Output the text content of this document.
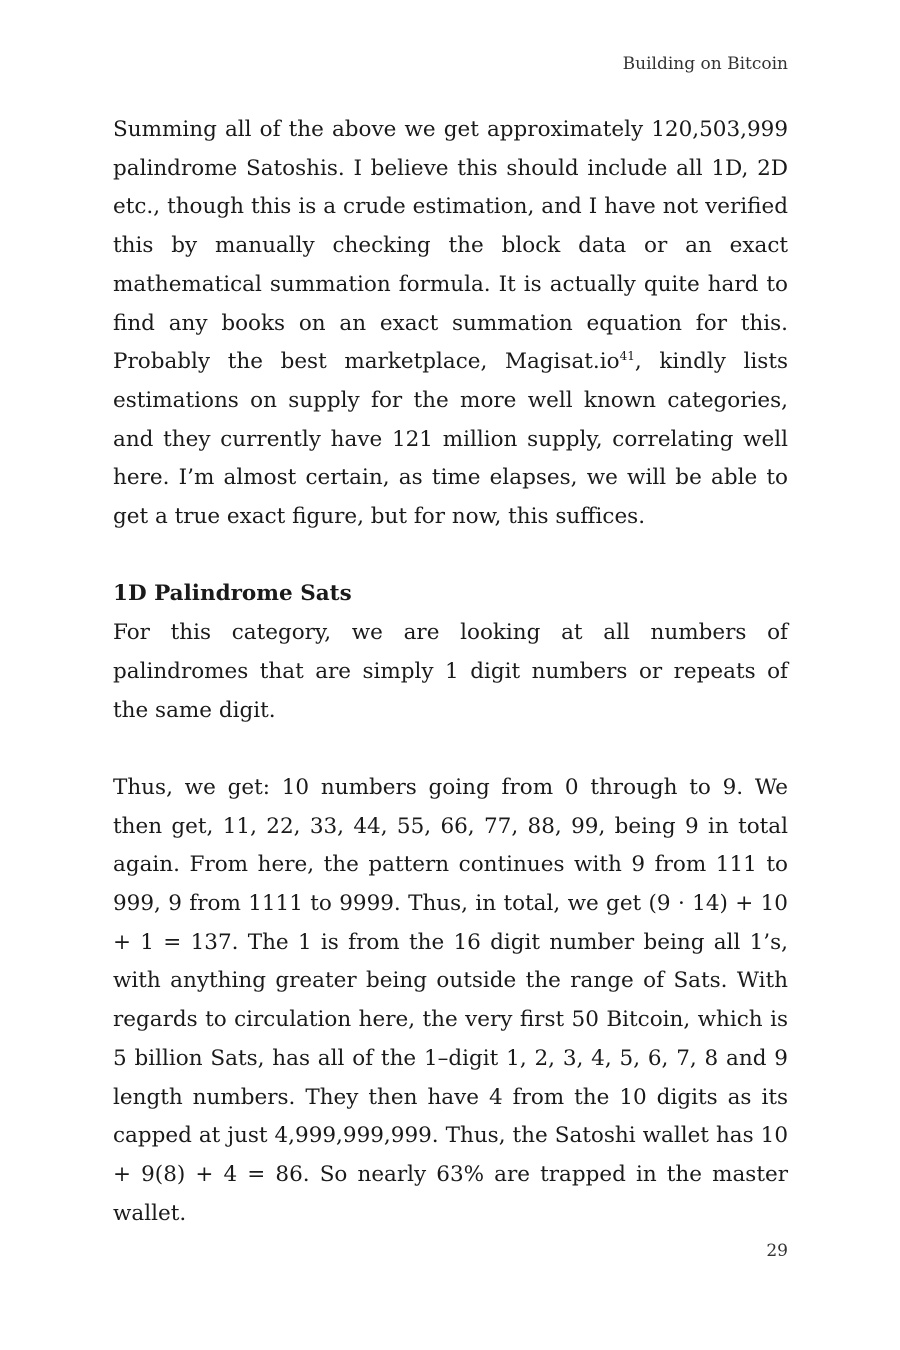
Building on Bitcoin

Summing all of the above we get approximately 120,503,999 palindrome Satoshis. I believe this should include all 1D, 2D etc., though this is a crude estimation, and I have not verified this by manually checking the block data or an exact mathematical summation formula. It is actually quite hard to find any books on an exact summation equation for this. Probably the best marketplace, $Magisat.io^{41}$, kindly lists estimations on supply for the more well known categories, and they currently have 121 million supply, correlating well here. I’m almost certain, as time elapses, we will be able to get a true exact figure, but for now, this suffices.

1D Palindrome Sats

For this category, we are looking at all numbers of palindromes that are simply 1 digit numbers or repeats of the same digit.

Thus, we get: 10 numbers going from 0 through to 9. We then get, 11, 22, 33, 44, 55, 66, 77, 88, 99, being 9 in total again. From here, the pattern continues with 9 from 111 to 999, 9 from 1111 to 9999. Thus, in total, we get (9 · 14) + 10 + 1 = 137. The 1 is from the 16 digit number being all 1’s, with anything greater being outside the range of Sats. With regards to circulation here, the very first 50 Bitcoin, which is 5 billion Sats, has all of the 1–digit 1, 2, 3, 4, 5, 6, 7, 8 and 9 length numbers. They then have 4 from the 10 digits as its capped at just 4,999,999,999. Thus, the Satoshi wallet has 10 + 9(8) + 4 = 86. So nearly 63% are trapped in the master wallet.

29
